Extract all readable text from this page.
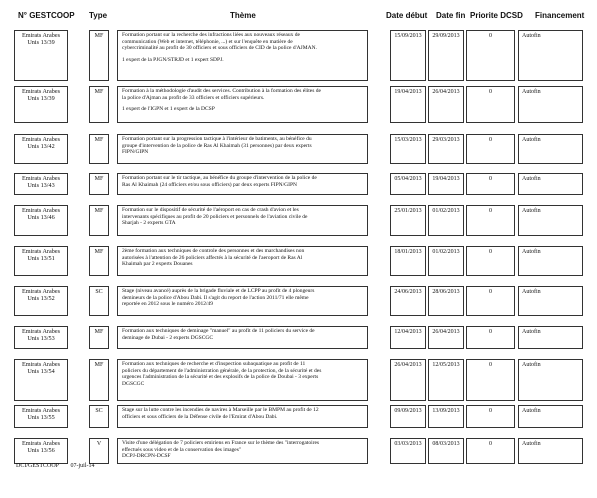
N° GESTCOOP Type	Thème	Date début Date fin Priorite DCSD Financement
Emirats Arabes
Unis 13/39
MF	Formation portant sur la recherche des infractions liées aux nouveaux réseaux de
communication (Web et internet, téléphonie, ...) et sur l'enquête en matière de
cybercriminalité au profit de 30 officiers et sous officiers de CID de la police d'AJMAN.
1 expert de la PJGN/STRJD et 1 expert SDPJ.
15/09/2013	29/09/2013	0	Autofin
Emirats Arabes
Unis 13/39
MF	Formation à la méthodologie d'audit des services. Contribution à la formation des élites de
la police d'Ajman au profit de 33 officiers et officiers supérieurs.
1 expert de l'IGPN et 1 expert de la DCSP
19/04/2013	26/04/2013	0	Autofin
Emirats Arabes
Unis 13/42
MF	Formation portant sur la progression tactique à l'intérieur de batiments, au bénéfice du
groupe d'intervention de la police de Ras Al Khaimah (31 personnes) par deux experts
FIPN/GIPN
15/03/2013	29/03/2013	0	Autofin
Emirats Arabes
Unis 13/43
MF	Formation portant sur le tir tactique, au bénéfice du groupe d'intervention de la police de
Ras Al Khaimah (24 officiers et/ou sous officiers) par deux experts FIPN/GIPN
05/04/2013	19/04/2013	0	Autofin
Emirats Arabes
Unis 13/46
MF	Formation sur le dispositif de sécurité de l'aéroport en cas de crash d'avion et les
intervenants spécifiques au profit de 20 policiers et personnels de l'aviation civile de
Sharjah - 2 experts GTA
25/01/2013	01/02/2013	0	Autofin
Emirats Arabes
Unis 13/51
MF	2ème formation aux techniques de controle des personnes et des marchandises non
autorisées à l'attention de 26 policiers affectés à la sécurité de l'aeroport de Ras Al
Khaimah par 2 experts Douanes
18/01/2013	01/02/2013	0	Autofin
Emirats Arabes
Unis 13/52
SC	Stage (niveau avancé) auprès de la brigade fluviale et de LCPP au profit de 4 plongeurs
demineurs de la police d'Abou Dabi. Il s'agit du report de l'action 2011/71 elle même
reportée en 2012 sous le numéro 2012/49
24/06/2013	28/06/2013	0	Autofin
Emirats Arabes
Unis 13/53
MF	Formation aux techniques de deminage "manuel" au profit de 11 policiers du service de
deminage de Dubai - 2 experts DGSCGC
12/04/2013	26/04/2013	0	Autofin
Emirats Arabes
Unis 13/54
MF	Formation aux techniques de recherche et d'inspection subaquatique au profit de 11
policiers du département de l'administration générale, de la protection, de la sécurité et des
urgences l'administration de la sécurité et des explosifs de la police de Doubai - 3 experts
DGSCGC
26/04/2013	12/05/2013	0	Autofin
Emirats Arabes
Unis 13/55
SC	Stage sur la lutte contre les incendies de navires à Marseille par le BMPM au profit de 12
officiers et sous officiers de la Défense civile de l'Emirat d'Abou Dabi.
09/09/2013	13/09/2013	0	Autofin
Emirats Arabes
Unis 13/56
V	Visite d'une délégation de 7 policiers emiriens en France sur le thème des "interrogatoires
effectués sous video et de la conservation des images"
DCPJ-DRCPN-DCSF
03/03/2013	08/03/2013	0	Autofin
DCI/GESTCOOP 07-juil-14
